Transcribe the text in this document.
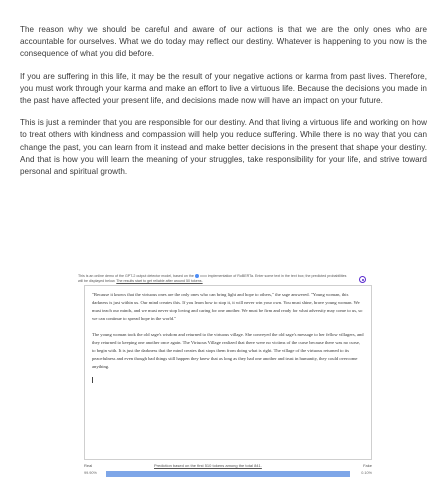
The reason why we should be careful and aware of our actions is that we are the only ones who are accountable for ourselves. What we do today may reflect our destiny. Whatever is happening to you now is the consequence of what you did before.

If you are suffering in this life, it may be the result of your negative actions or karma from past lives. Therefore, you must work through your karma and make an effort to live a virtuous life. Because the decisions you made in the past have affected your present life, and decisions made now will have an impact on your future.

This is just a reminder that you are responsible for our destiny. And that living a virtuous life and working on how to treat others with kindness and compassion will help you reduce suffering. While there is no way that you can change the past, you can learn from it instead and make better decisions in the present that shape your destiny. And that is how you will learn the meaning of your struggles, take responsibility for your life, and strive toward personal and spiritual growth.

This is an online demo of the GPT-2 output detector model, based on the	implementation of RoBERTa. Enter some text in the text box; the predicted probabilities will be displayed below. The results start to get reliable after around 50 tokens.

"Because it knows that the virtuous ones are the only ones who can bring light and hope to others," the sage answered. "Young woman, this darkness is just within us. Our mind creates this. If you learn how to stop it, it will never win your own. You must shine, brave young woman. We must teach our minds, and we must never stop loving and caring for one another. We must be firm and ready for what adversity may come to us, so we can continue to spread hope in the world."

The young woman took the old sage's wisdom and returned to the virtuous village. She conveyed the old sage's message to her fellow villagers, and they returned to keeping one another once again. The Virtuous Village realized that there were no victims of the curse because there was no curse, to begin with. It is just the darkness that the mind creates that stops them from doing what is right. The village of the virtuous returned to its peacefulness and even though bad things still happen they knew that as long as they had one another and trust in humanity, they could overcome anything.

Real	Prediction based on the first 510 tokens among the total 841.	Fake
99.90%	0.10%
